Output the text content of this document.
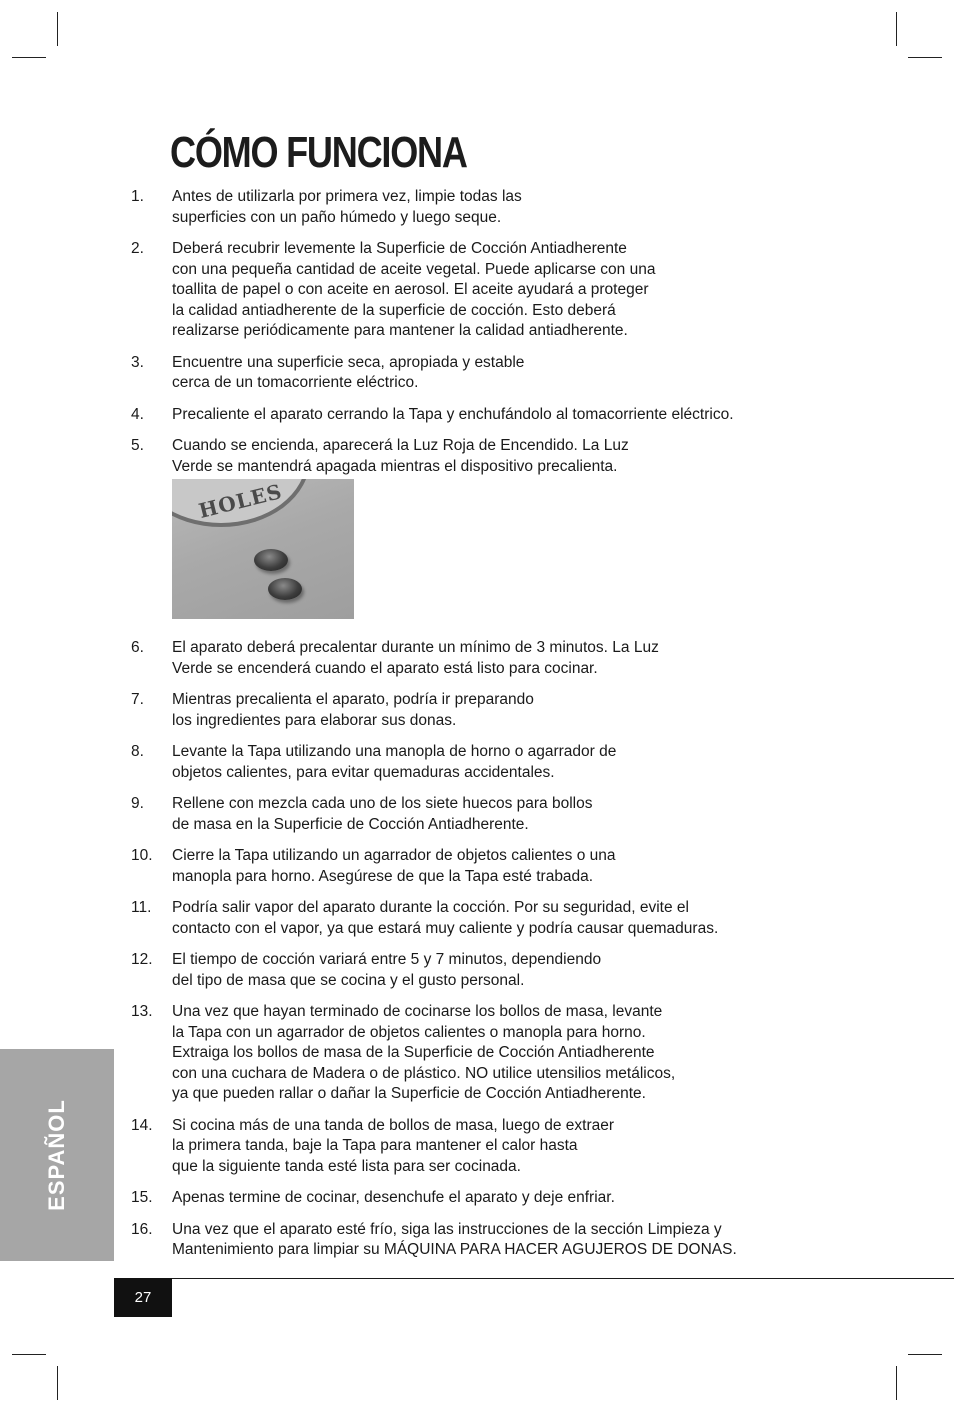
CÓMO FUNCIONA
1. Antes de utilizarla por primera vez, limpie todas las
superficies con un paño húmedo y luego seque.
2. Deberá recubrir levemente la Superficie de Cocción Antiadherente
con una pequeña cantidad de aceite vegetal. Puede aplicarse con una
toallita de papel o con aceite en aerosol. El aceite ayudará a proteger
la calidad antiadherente de la superficie de cocción. Esto deberá
realizarse periódicamente para mantener la calidad antiadherente.
3. Encuentre una superficie seca, apropiada y estable
cerca de un tomacorriente eléctrico.
4. Precaliente el aparato cerrando la Tapa y enchufándolo al tomacorriente eléctrico.
5. Cuando se encienda, aparecerá la Luz Roja de Encendido. La Luz
Verde se mantendrá apagada mientras el dispositivo precalienta.
HOLES
6. El aparato deberá precalentar durante un mínimo de 3 minutos. La Luz
Verde se encenderá cuando el aparato está listo para cocinar.
7. Mientras precalienta el aparato, podría ir preparando
los ingredientes para elaborar sus donas.
8. Levante la Tapa utilizando una manopla de horno o agarrador de
objetos calientes, para evitar quemaduras accidentales.
9. Rellene con mezcla cada uno de los siete huecos para bollos
de masa en la Superficie de Cocción Antiadherente.
10. Cierre la Tapa utilizando un agarrador de objetos calientes o una
manopla para horno. Asegúrese de que la Tapa esté trabada.
11. Podría salir vapor del aparato durante la cocción. Por su seguridad, evite el
contacto con el vapor, ya que estará muy caliente y podría causar quemaduras.
12. El tiempo de cocción variará entre 5 y 7 minutos, dependiendo
del tipo de masa que se cocina y el gusto personal.
13. Una vez que hayan terminado de cocinarse los bollos de masa, levante
la Tapa con un agarrador de objetos calientes o manopla para horno.
Extraiga los bollos de masa de la Superficie de Cocción Antiadherente
con una cuchara de Madera o de plástico. NO utilice utensilios metálicos,
ya que pueden rallar o dañar la Superficie de Cocción Antiadherente.
14. Si cocina más de una tanda de bollos de masa, luego de extraer
la primera tanda, baje la Tapa para mantener el calor hasta
que la siguiente tanda esté lista para ser cocinada.
15. Apenas termine de cocinar, desenchufe el aparato y deje enfriar.
16. Una vez que el aparato esté frío, siga las instrucciones de la sección Limpieza y
Mantenimiento para limpiar su MÁQUINA PARA HACER AGUJEROS DE DONAS.
ESPAÑOL
27
